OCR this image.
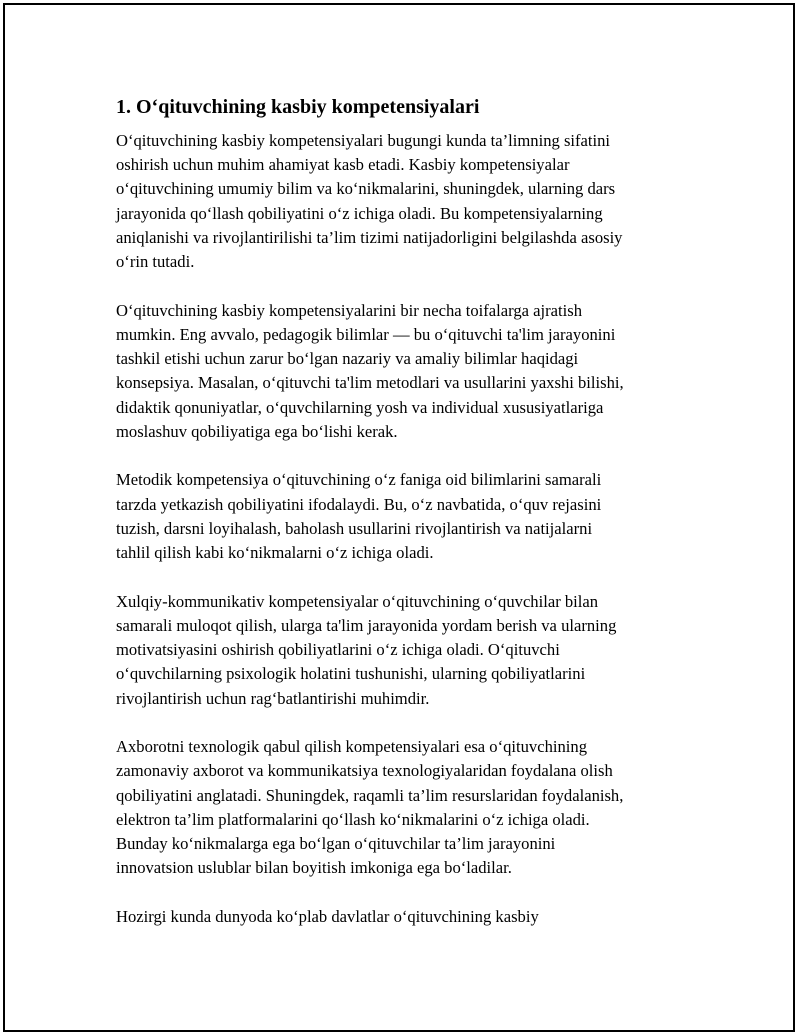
1. O‘qituvchining kasbiy kompetensiyalari
O‘qituvchining kasbiy kompetensiyalari bugungi kunda ta’limning sifatini
oshirish uchun muhim ahamiyat kasb etadi. Kasbiy kompetensiyalar
o‘qituvchining umumiy bilim va ko‘nikmalarini, shuningdek, ularning dars
jarayonida qo‘llash qobiliyatini o‘z ichiga oladi. Bu kompetensiyalarning
aniqlanishi va rivojlantirilishi ta’lim tizimi natijadorligini belgilashda asosiy
o‘rin tutadi.
O‘qituvchining kasbiy kompetensiyalarini bir necha toifalarga ajratish
mumkin. Eng avvalo, pedagogik bilimlar — bu o‘qituvchi ta'lim jarayonini
tashkil etishi uchun zarur bo‘lgan nazariy va amaliy bilimlar haqidagi
konsepsiya. Masalan, o‘qituvchi ta'lim metodlari va usullarini yaxshi bilishi,
didaktik qonuniyatlar, o‘quvchilarning yosh va individual xususiyatlariga
moslashuv qobiliyatiga ega bo‘lishi kerak.
Metodik kompetensiya o‘qituvchining o‘z faniga oid bilimlarini samarali
tarzda yetkazish qobiliyatini ifodalaydi. Bu, o‘z navbatida, o‘quv rejasini
tuzish, darsni loyihalash, baholash usullarini rivojlantirish va natijalarni
tahlil qilish kabi ko‘nikmalarni o‘z ichiga oladi.
Xulqiy-kommunikativ kompetensiyalar o‘qituvchining o‘quvchilar bilan
samarali muloqot qilish, ularga ta'lim jarayonida yordam berish va ularning
motivatsiyasini oshirish qobiliyatlarini o‘z ichiga oladi. O‘qituvchi
o‘quvchilarning psixologik holatini tushunishi, ularning qobiliyatlarini
rivojlantirish uchun rag‘batlantirishi muhimdir.
Axborotni texnologik qabul qilish kompetensiyalari esa o‘qituvchining
zamonaviy axborot va kommunikatsiya texnologiyalaridan foydalana olish
qobiliyatini anglatadi. Shuningdek, raqamli ta’lim resurslaridan foydalanish,
elektron ta’lim platformalarini qo‘llash ko‘nikmalarini o‘z ichiga oladi.
Bunday ko‘nikmalarga ega bo‘lgan o‘qituvchilar ta’lim jarayonini
innovatsion uslublar bilan boyitish imkoniga ega bo‘ladilar.
Hozirgi kunda dunyoda ko‘plab davlatlar o‘qituvchining kasbiy
